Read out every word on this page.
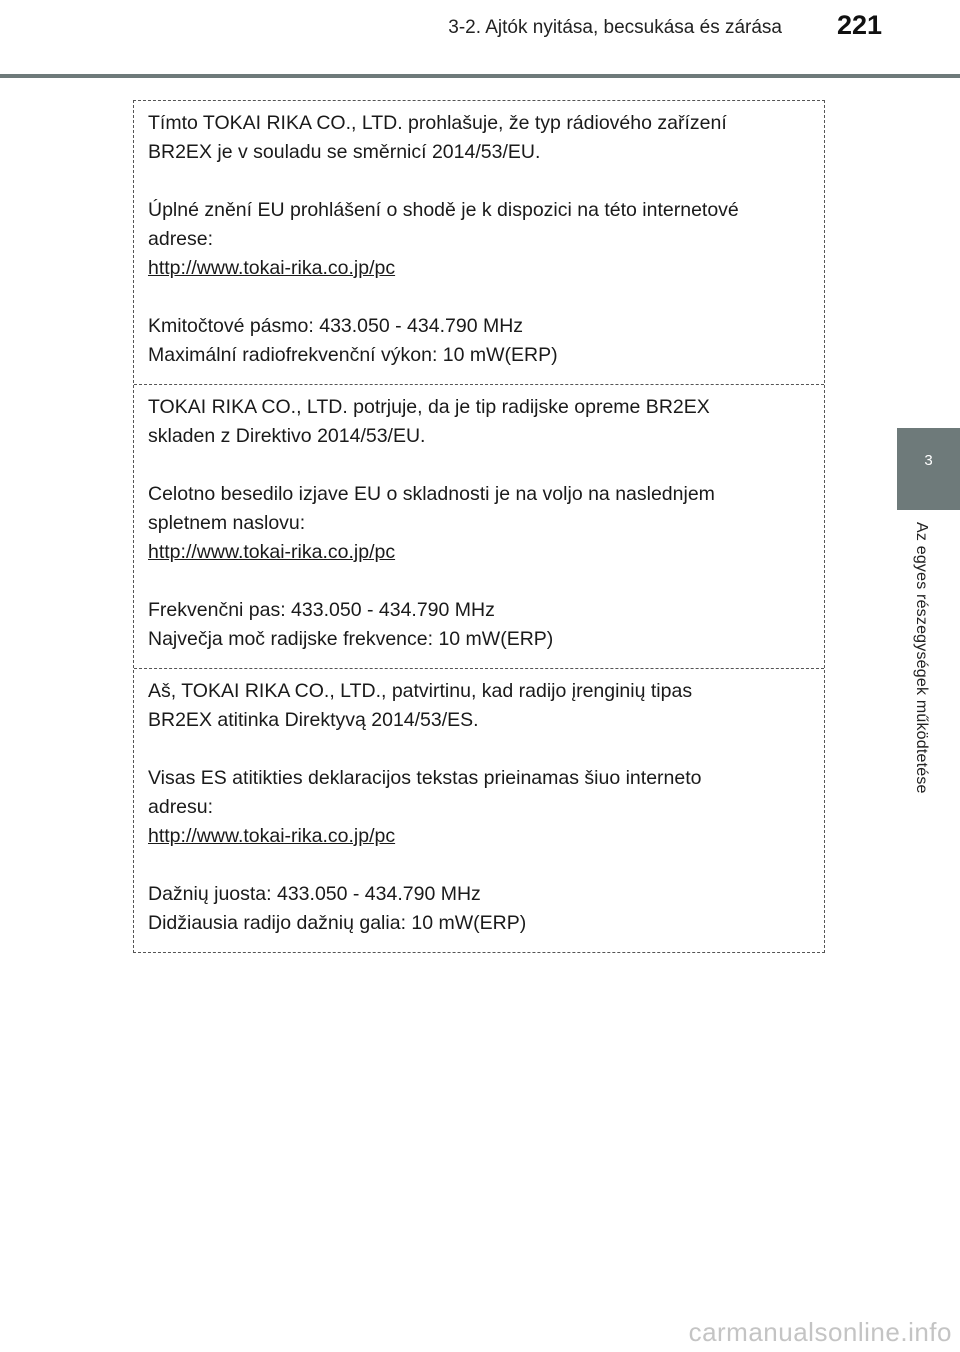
3-2. Ajtók nyitása, becsukása és zárása 221
3
Az egyes részegységek működtetése

Tímto TOKAI RIKA CO., LTD. prohlašuje, že typ rádiového zařízení

BR2EX je v souladu se směrnicí 2014/53/EU.

Úplné znění EU prohlášení o shodě je k dispozici na této internetové

adrese:

http://www.tokai-rika.co.jp/pc

Kmitočtové pásmo: 433.050 - 434.790 MHz

Maximální radiofrekvenční výkon: 10 mW(ERP)

TOKAI RIKA CO., LTD. potrjuje, da je tip radijske opreme BR2EX

skladen z Direktivo 2014/53/EU.

Celotno besedilo izjave EU o skladnosti je na voljo na naslednjem

spletnem naslovu:

http://www.tokai-rika.co.jp/pc

Frekvenčni pas: 433.050 - 434.790 MHz

Največja moč radijske frekvence: 10 mW(ERP)

Aš, TOKAI RIKA CO., LTD., patvirtinu, kad radijo įrenginių tipas

BR2EX atitinka Direktyvą 2014/53/ES.

Visas ES atitikties deklaracijos tekstas prieinamas šiuo interneto

adresu:

http://www.tokai-rika.co.jp/pc

Dažnių juosta: 433.050 - 434.790 MHz

Didžiausia radijo dažnių galia: 10 mW(ERP)

carmanualsonline.info
